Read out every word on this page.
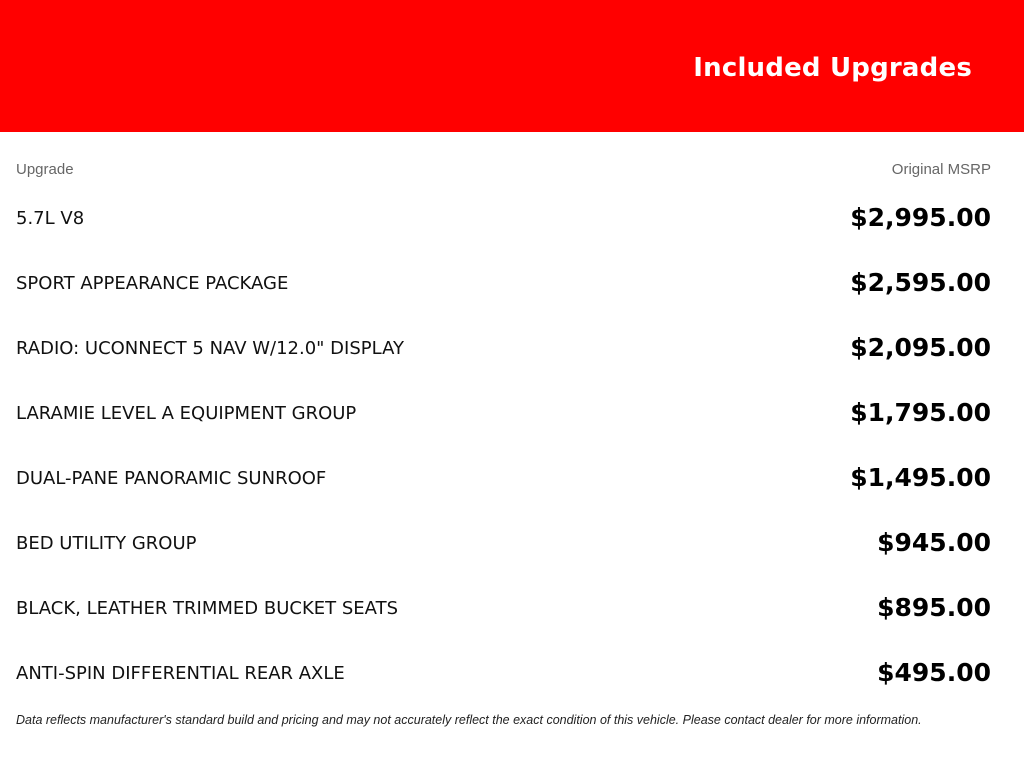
Included Upgrades
Upgrade	Original MSRP
5.7L V8	$2,995.00
SPORT APPEARANCE PACKAGE	$2,595.00
RADIO: UCONNECT 5 NAV W/12.0" DISPLAY	$2,095.00
LARAMIE LEVEL A EQUIPMENT GROUP	$1,795.00
DUAL-PANE PANORAMIC SUNROOF	$1,495.00
BED UTILITY GROUP	$945.00
BLACK, LEATHER TRIMMED BUCKET SEATS	$895.00
ANTI-SPIN DIFFERENTIAL REAR AXLE	$495.00
Data reflects manufacturer's standard build and pricing and may not accurately reflect the exact condition of this vehicle. Please contact dealer for more information.
